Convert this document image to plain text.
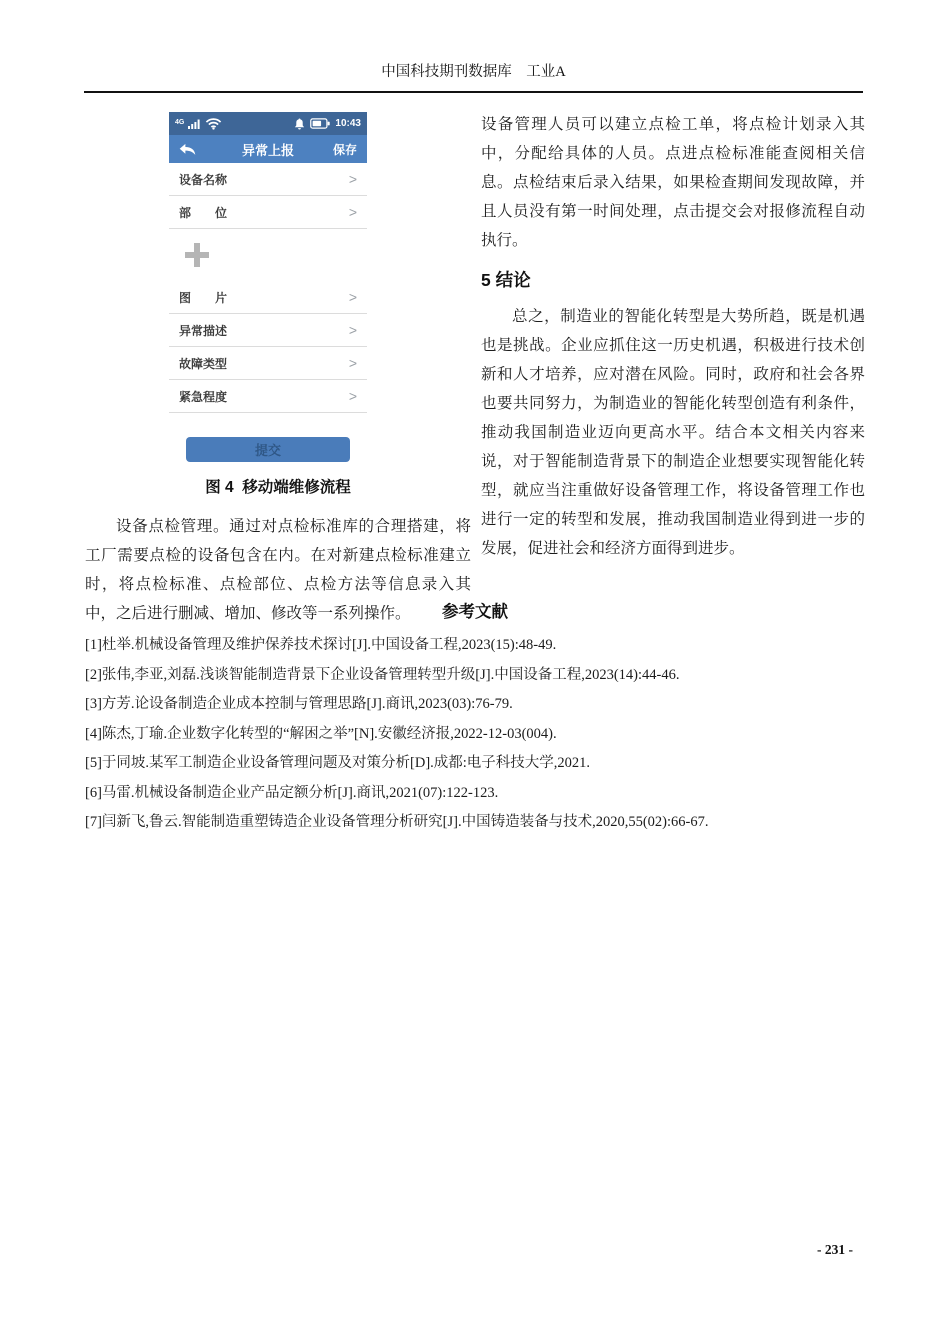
中国科技期刊数据库　工业A
4G	10:43
异常上报	保存
设备名称	>
部　　位	>
图　　片	>
异常描述	>
故障类型	>
紧急程度	>
提交
图 4  移动端维修流程

设备点检管理。通过对点检标准库的合理搭建，将工厂需要点检的设备包含在内。在对新建点检标准建立时，将点检标准、点检部位、点检方法等信息录入其中，之后进行删减、增加、修改等一系列操作。

设备管理人员可以建立点检工单，将点检计划录入其中，分配给具体的人员。点进点检标准能查阅相关信息。点检结束后录入结果，如果检查期间发现故障，并且人员没有第一时间处理，点击提交会对报修流程自动执行。

5 结论

总之，制造业的智能化转型是大势所趋，既是机遇也是挑战。企业应抓住这一历史机遇，积极进行技术创新和人才培养，应对潜在风险。同时，政府和社会各界也要共同努力，为制造业的智能化转型创造有利条件，推动我国制造业迈向更高水平。结合本文相关内容来说，对于智能制造背景下的制造企业想要实现智能化转型，就应当注重做好设备管理工作，将设备管理工作也进行一定的转型和发展，推动我国制造业得到进一步的发展，促进社会和经济方面得到进步。

参考文献
[1]杜举.机械设备管理及维护保养技术探讨[J].中国设备工程,2023(15):48-49.
[2]张伟,李亚,刘磊.浅谈智能制造背景下企业设备管理转型升级[J].中国设备工程,2023(14):44-46.
[3]方芳.论设备制造企业成本控制与管理思路[J].商讯,2023(03):76-79.
[4]陈杰,丁瑜.企业数字化转型的“解困之举”[N].安徽经济报,2022-12-03(004).
[5]于同坡.某军工制造企业设备管理问题及对策分析[D].成都:电子科技大学,2021.
[6]马雷.机械设备制造企业产品定额分析[J].商讯,2021(07):122-123.
[7]闫新飞,鲁云.智能制造重塑铸造企业设备管理分析研究[J].中国铸造装备与技术,2020,55(02):66-67.
- 231 -
